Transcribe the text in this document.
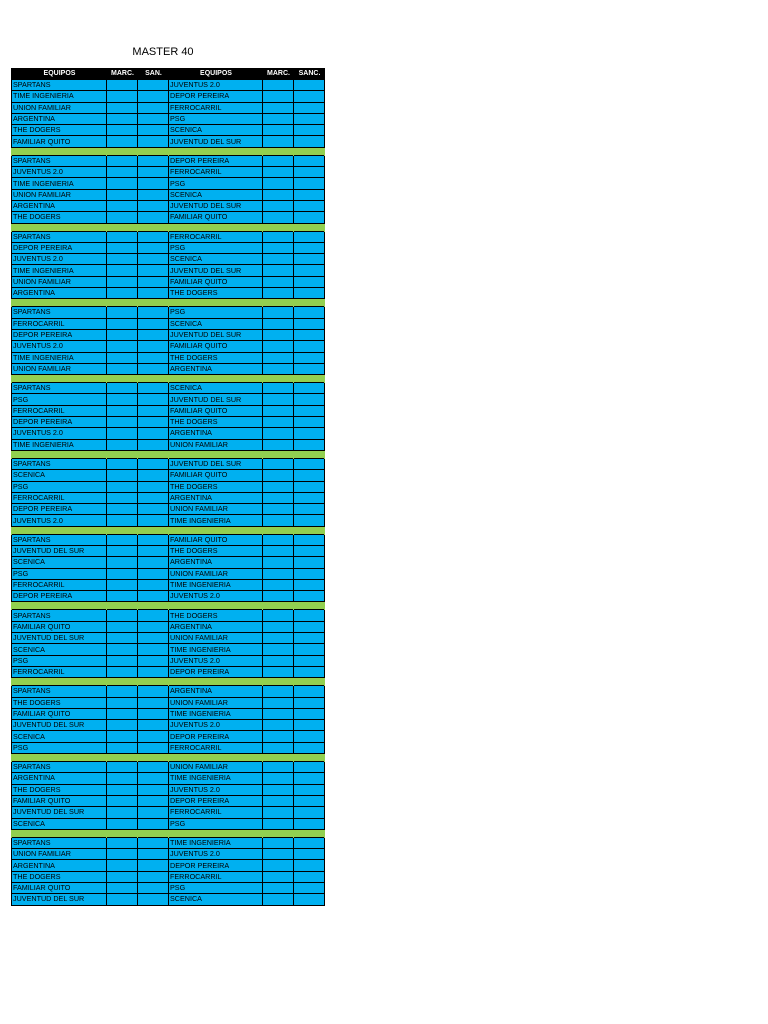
MASTER 40
EQUIPOS	MARC.	SAN.	EQUIPOS	MARC.	SANC.
SPARTANS			JUVENTUS 2.0		
TIME INGENIERIA			DEPOR PEREIRA		
UNION FAMILIAR			FERROCARRIL		
ARGENTINA			PSG		
THE DOGERS			SCENICA		
FAMILIAR QUITO			JUVENTUD DEL SUR		

SPARTANS			DEPOR PEREIRA		
JUVENTUS 2.0			FERROCARRIL		
TIME INGENIERIA			PSG		
UNION FAMILIAR			SCENICA		
ARGENTINA			JUVENTUD DEL SUR		
THE DOGERS			FAMILIAR QUITO		

SPARTANS			FERROCARRIL		
DEPOR PEREIRA			PSG		
JUVENTUS 2.0			SCENICA		
TIME INGENIERIA			JUVENTUD DEL SUR		
UNION FAMILIAR			FAMILIAR QUITO		
ARGENTINA			THE DOGERS		

SPARTANS			PSG		
FERROCARRIL			SCENICA		
DEPOR PEREIRA			JUVENTUD DEL SUR		
JUVENTUS 2.0			FAMILIAR QUITO		
TIME INGENIERIA			THE DOGERS		
UNION FAMILIAR			ARGENTINA		

SPARTANS			SCENICA		
PSG			JUVENTUD DEL SUR		
FERROCARRIL			FAMILIAR QUITO		
DEPOR PEREIRA			THE DOGERS		
JUVENTUS 2.0			ARGENTINA		
TIME INGENIERIA			UNION FAMILIAR		

SPARTANS			JUVENTUD DEL SUR		
SCENICA			FAMILIAR QUITO		
PSG			THE DOGERS		
FERROCARRIL			ARGENTINA		
DEPOR PEREIRA			UNION FAMILIAR		
JUVENTUS 2.0			TIME INGENIERIA		

SPARTANS			FAMILIAR QUITO		
JUVENTUD DEL SUR			THE DOGERS		
SCENICA			ARGENTINA		
PSG			UNION FAMILIAR		
FERROCARRIL			TIME INGENIERIA		
DEPOR PEREIRA			JUVENTUS 2.0		

SPARTANS			THE DOGERS		
FAMILIAR QUITO			ARGENTINA		
JUVENTUD DEL SUR			UNION FAMILIAR		
SCENICA			TIME INGENIERIA		
PSG			JUVENTUS 2.0		
FERROCARRIL			DEPOR PEREIRA		

SPARTANS			ARGENTINA		
THE DOGERS			UNION FAMILIAR		
FAMILIAR QUITO			TIME INGENIERIA		
JUVENTUD DEL SUR			JUVENTUS 2.0		
SCENICA			DEPOR PEREIRA		
PSG			FERROCARRIL		

SPARTANS			UNION FAMILIAR		
ARGENTINA			TIME INGENIERIA		
THE DOGERS			JUVENTUS 2.0		
FAMILIAR QUITO			DEPOR PEREIRA		
JUVENTUD DEL SUR			FERROCARRIL		
SCENICA			PSG		

SPARTANS			TIME INGENIERIA		
UNION FAMILIAR			JUVENTUS 2.0		
ARGENTINA			DEPOR PEREIRA		
THE DOGERS			FERROCARRIL		
FAMILIAR QUITO			PSG		
JUVENTUD DEL SUR			SCENICA		
